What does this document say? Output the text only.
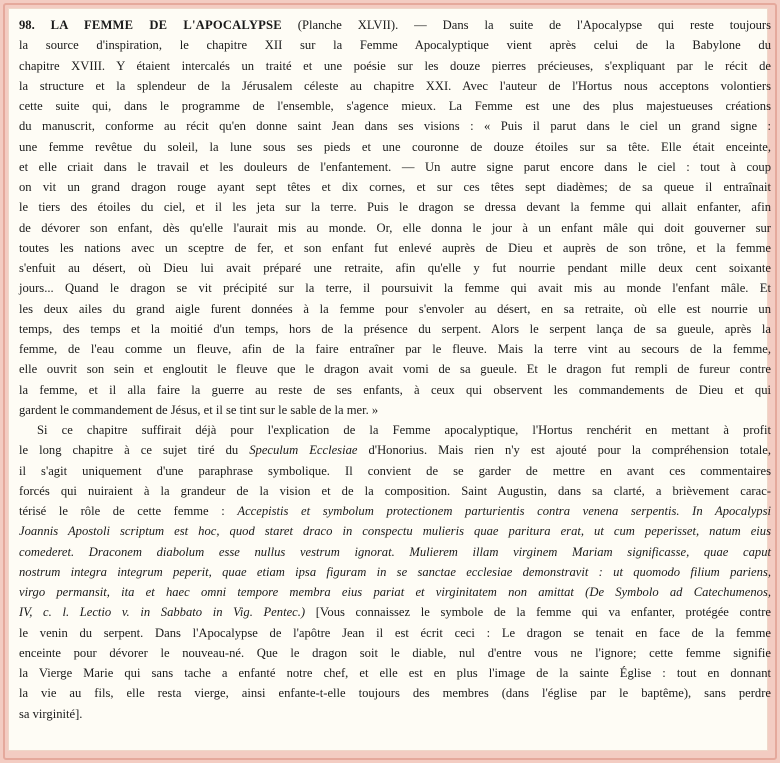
98. LA FEMME DE L'APOCALYPSE (Planche XLVII). — Dans la suite de l'Apocalypse qui reste toujours
la source d'inspiration, le chapitre XII sur la Femme Apocalyptique vient après celui de la Babylone du
chapitre XVIII. Y étaient intercalés un traité et une poésie sur les douze pierres précieuses, s'expliquant par le récit de
la structure et la splendeur de la Jérusalem céleste au chapitre XXI. Avec l'auteur de l'Hortus nous acceptons volontiers
cette suite qui, dans le programme de l'ensemble, s'agence mieux. La Femme est une des plus majestueuses créations
du manuscrit, conforme au récit qu'en donne saint Jean dans ses visions : « Puis il parut dans le ciel un grand signe :
une femme revêtue du soleil, la lune sous ses pieds et une couronne de douze étoiles sur sa tête. Elle était enceinte,
et elle criait dans le travail et les douleurs de l'enfantement. — Un autre signe parut encore dans le ciel : tout à coup
on vit un grand dragon rouge ayant sept têtes et dix cornes, et sur ces têtes sept diadèmes; de sa queue il entraînait
le tiers des étoiles du ciel, et il les jeta sur la terre. Puis le dragon se dressa devant la femme qui allait enfanter, afin
de dévorer son enfant, dès qu'elle l'aurait mis au monde. Or, elle donna le jour à un enfant mâle qui doit gouverner sur
toutes les nations avec un sceptre de fer, et son enfant fut enlevé auprès de Dieu et auprès de son trône, et la femme
s'enfuit au désert, où Dieu lui avait préparé une retraite, afin qu'elle y fut nourrie pendant mille deux cent soixante
jours... Quand le dragon se vit précipité sur la terre, il poursuivit la femme qui avait mis au monde l'enfant mâle. Et
les deux ailes du grand aigle furent données à la femme pour s'envoler au désert, en sa retraite, où elle est nourrie un
temps, des temps et la moitié d'un temps, hors de la présence du serpent. Alors le serpent lança de sa gueule, après la
femme, de l'eau comme un fleuve, afin de la faire entraîner par le fleuve. Mais la terre vint au secours de la femme,
elle ouvrit son sein et engloutit le fleuve que le dragon avait vomi de sa gueule. Et le dragon fut rempli de fureur contre
la femme, et il alla faire la guerre au reste de ses enfants, à ceux qui observent les commandements de Dieu et qui
gardent le commandement de Jésus, et il se tint sur le sable de la mer. »
Si ce chapitre suffirait déjà pour l'explication de la Femme apocalyptique, l'Hortus renchérit en mettant à profit
le long chapitre à ce sujet tiré du Speculum Ecclesiae d'Honorius. Mais rien n'y est ajouté pour la compréhension totale,
il s'agit uniquement d'une paraphrase symbolique. Il convient de se garder de mettre en avant ces commentaires
forcés qui nuiraient à la grandeur de la vision et de la composition. Saint Augustin, dans sa clarté, a brièvement carac-
térisé le rôle de cette femme : Accepistis et symbolum protectionem parturientis contra venena serpentis. In Apocalypsi
Joannis Apostoli scriptum est hoc, quod staret draco in conspectu mulieris quae paritura erat, ut cum peperisset, natum eius
comederet. Draconem diabolum esse nullus vestrum ignorat. Mulierem illam virginem Mariam significasse, quae caput
nostrum integra integrum peperit, quae etiam ipsa figuram in se sanctae ecclesiae demonstravit : ut quomodo filium pariens,
virgo permansit, ita et haec omni tempore membra eius pariat et virginitatem non amittat (De Symbolo ad Catechumenos,
IV, c. l. Lectio v. in Sabbato in Vig. Pentec.) [Vous connaissez le symbole de la femme qui va enfanter, protégée contre
le venin du serpent. Dans l'Apocalypse de l'apôtre Jean il est écrit ceci : Le dragon se tenait en face de la femme
enceinte pour dévorer le nouveau-né. Que le dragon soit le diable, nul d'entre vous ne l'ignore; cette femme signifie
la Vierge Marie qui sans tache a enfanté notre chef, et elle est en plus l'image de la sainte Église : tout en donnant
la vie au fils, elle resta vierge, ainsi enfante-t-elle toujours des membres (dans l'église par le baptême), sans perdre
sa virginité].
